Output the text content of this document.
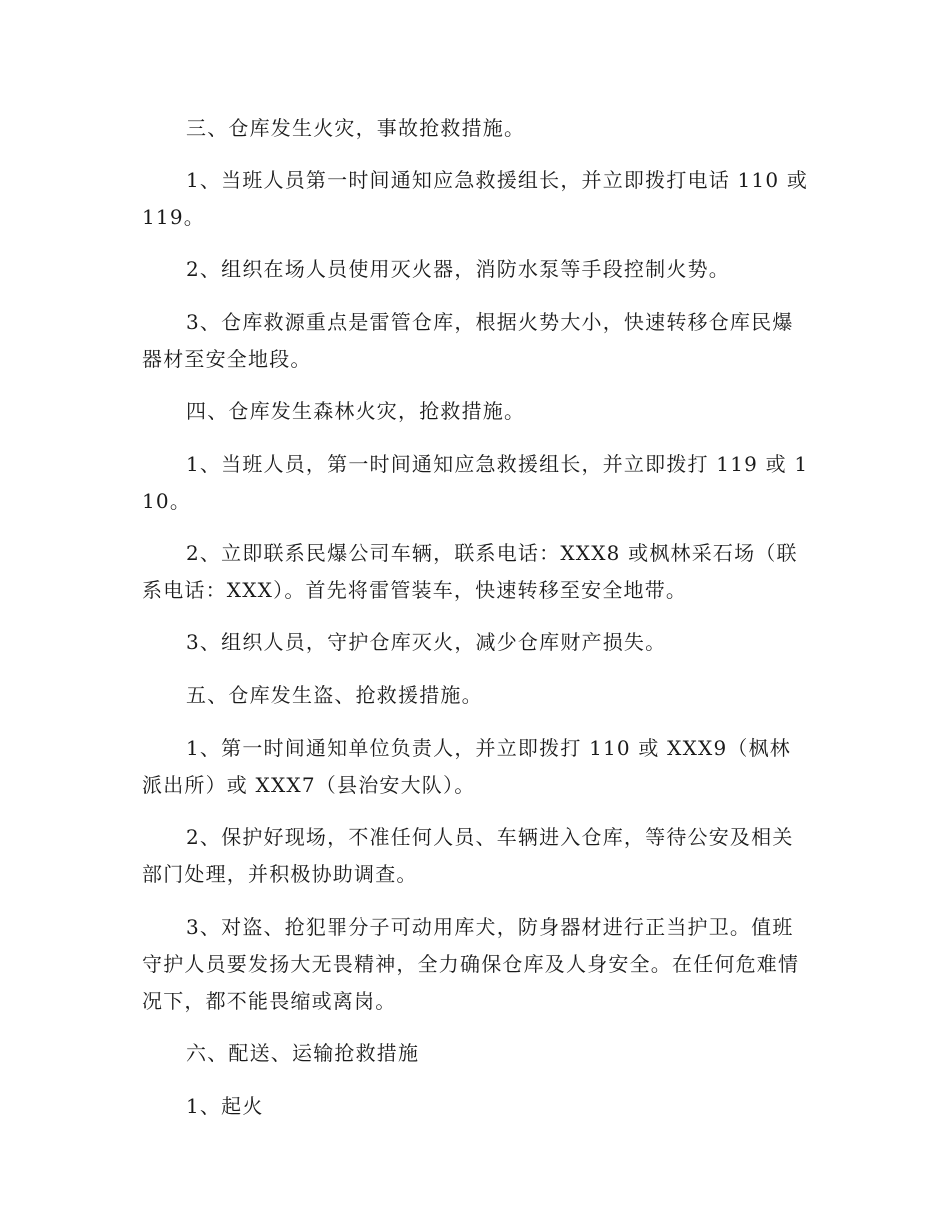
三、仓库发生火灾，事故抢救措施。

1、当班人员第一时间通知应急救援组长，并立即拨打电话 110 或 119。

2、组织在场人员使用灭火器，消防水泵等手段控制火势。

3、仓库救源重点是雷管仓库，根据火势大小，快速转移仓库民爆器材至安全地段。

四、仓库发生森林火灾，抢救措施。

1、当班人员，第一时间通知应急救援组长，并立即拨打 119 或 110。

2、立即联系民爆公司车辆，联系电话：XXX8 或枫林采石场（联系电话：XXX）。首先将雷管装车，快速转移至安全地带。

3、组织人员，守护仓库灭火，减少仓库财产损失。

五、仓库发生盗、抢救援措施。

1、第一时间通知单位负责人，并立即拨打 110 或 XXX9（枫林派出所）或 XXX7（县治安大队）。

2、保护好现场，不准任何人员、车辆进入仓库，等待公安及相关部门处理，并积极协助调查。

3、对盗、抢犯罪分子可动用库犬，防身器材进行正当护卫。值班守护人员要发扬大无畏精神，全力确保仓库及人身安全。在任何危难情况下，都不能畏缩或离岗。

六、配送、运输抢救措施

1、起火
